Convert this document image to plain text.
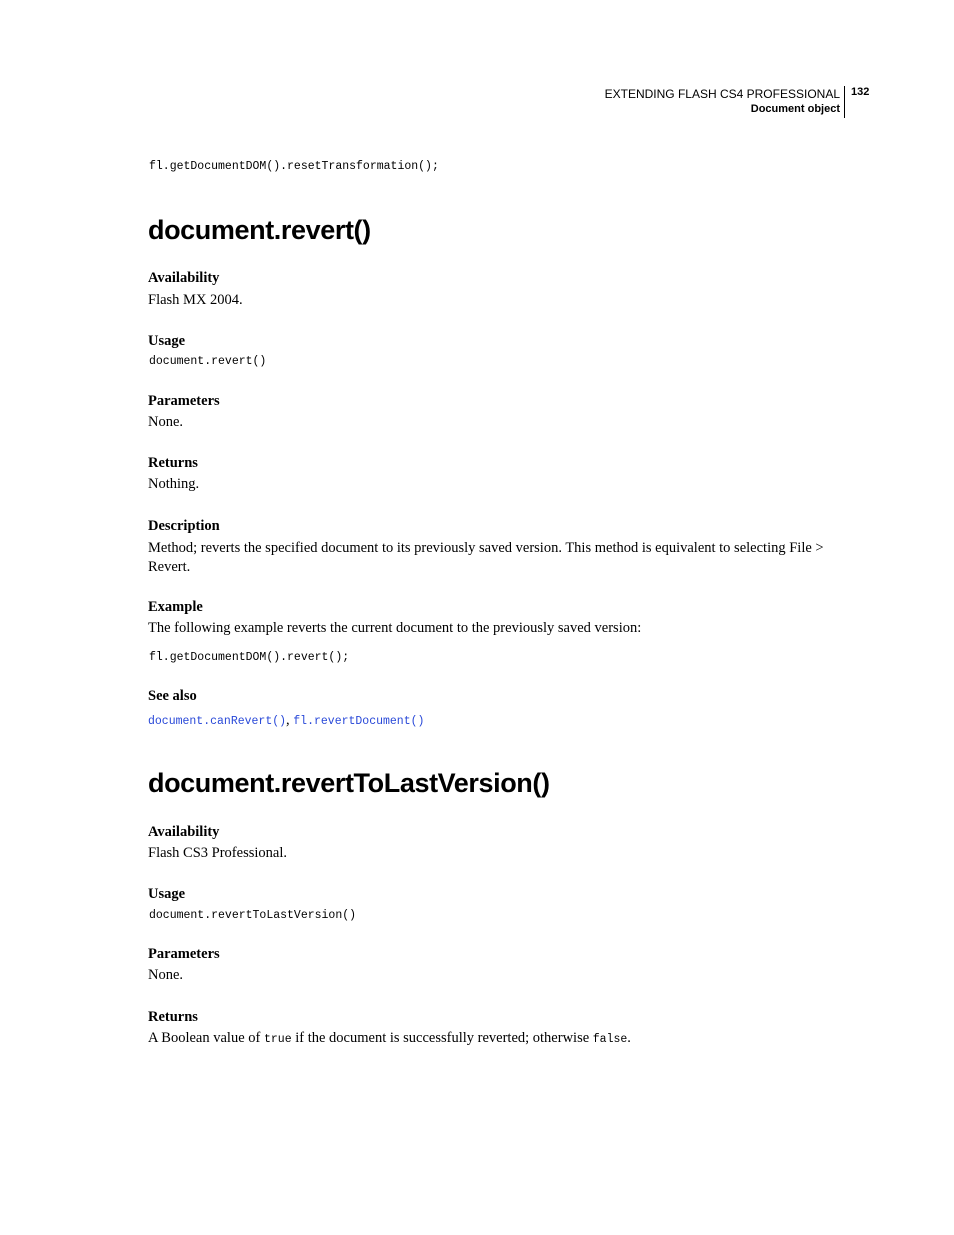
EXTENDING FLASH CS4 PROFESSIONAL
Document object
132
fl.getDocumentDOM().resetTransformation();
document.revert()
Availability
Flash MX 2004.
Usage
document.revert()
Parameters
None.
Returns
Nothing.
Description
Method; reverts the specified document to its previously saved version. This method is equivalent to selecting File > Revert.
Example
The following example reverts the current document to the previously saved version:
fl.getDocumentDOM().revert();
See also
document.canRevert(), fl.revertDocument()
document.revertToLastVersion()
Availability
Flash CS3 Professional.
Usage
document.revertToLastVersion()
Parameters
None.
Returns
A Boolean value of true if the document is successfully reverted; otherwise false.
